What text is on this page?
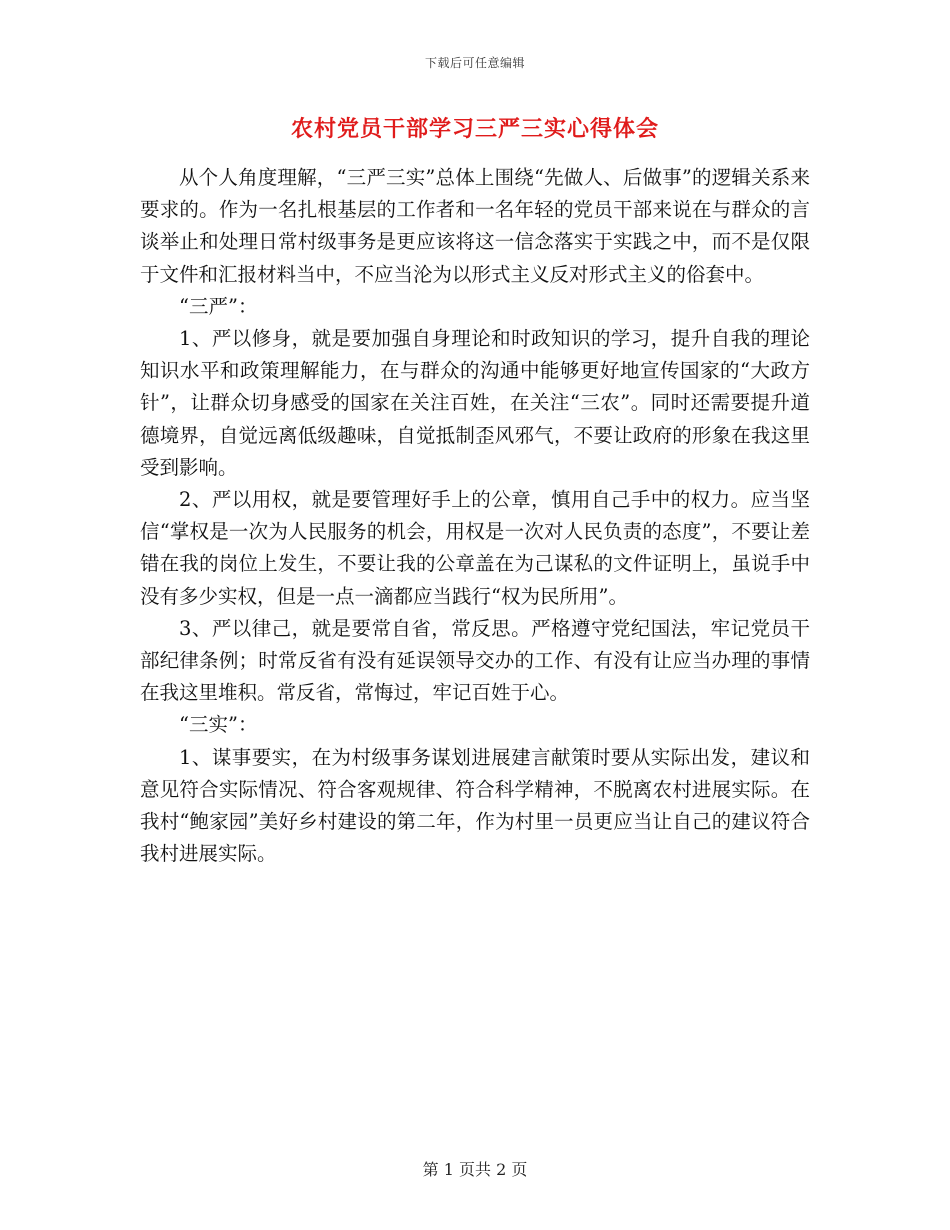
下载后可任意编辑
农村党员干部学习三严三实心得体会

从个人角度理解，“三严三实”总体上围绕“先做人、后做事”的逻辑关系来要求的。作为一名扎根基层的工作者和一名年轻的党员干部来说在与群众的言谈举止和处理日常村级事务是更应该将这一信念落实于实践之中，而不是仅限于文件和汇报材料当中，不应当沦为以形式主义反对形式主义的俗套中。

“三严”：

1、严以修身，就是要加强自身理论和时政知识的学习，提升自我的理论知识水平和政策理解能力，在与群众的沟通中能够更好地宣传国家的“大政方针”，让群众切身感受的国家在关注百姓，在关注“三农”。同时还需要提升道德境界，自觉远离低级趣味，自觉抵制歪风邪气，不要让政府的形象在我这里受到影响。

2、严以用权，就是要管理好手上的公章，慎用自己手中的权力。应当坚信“掌权是一次为人民服务的机会，用权是一次对人民负责的态度”，不要让差错在我的岗位上发生，不要让我的公章盖在为己谋私的文件证明上，虽说手中没有多少实权，但是一点一滴都应当践行“权为民所用”。

3、严以律己，就是要常自省，常反思。严格遵守党纪国法，牢记党员干部纪律条例；时常反省有没有延误领导交办的工作、有没有让应当办理的事情在我这里堆积。常反省，常悔过，牢记百姓于心。

“三实”：

1、谋事要实，在为村级事务谋划进展建言献策时要从实际出发，建议和意见符合实际情况、符合客观规律、符合科学精神，不脱离农村进展实际。在我村“鲍家园”美好乡村建设的第二年，作为村里一员更应当让自己的建议符合我村进展实际。

第 1 页共 2 页
